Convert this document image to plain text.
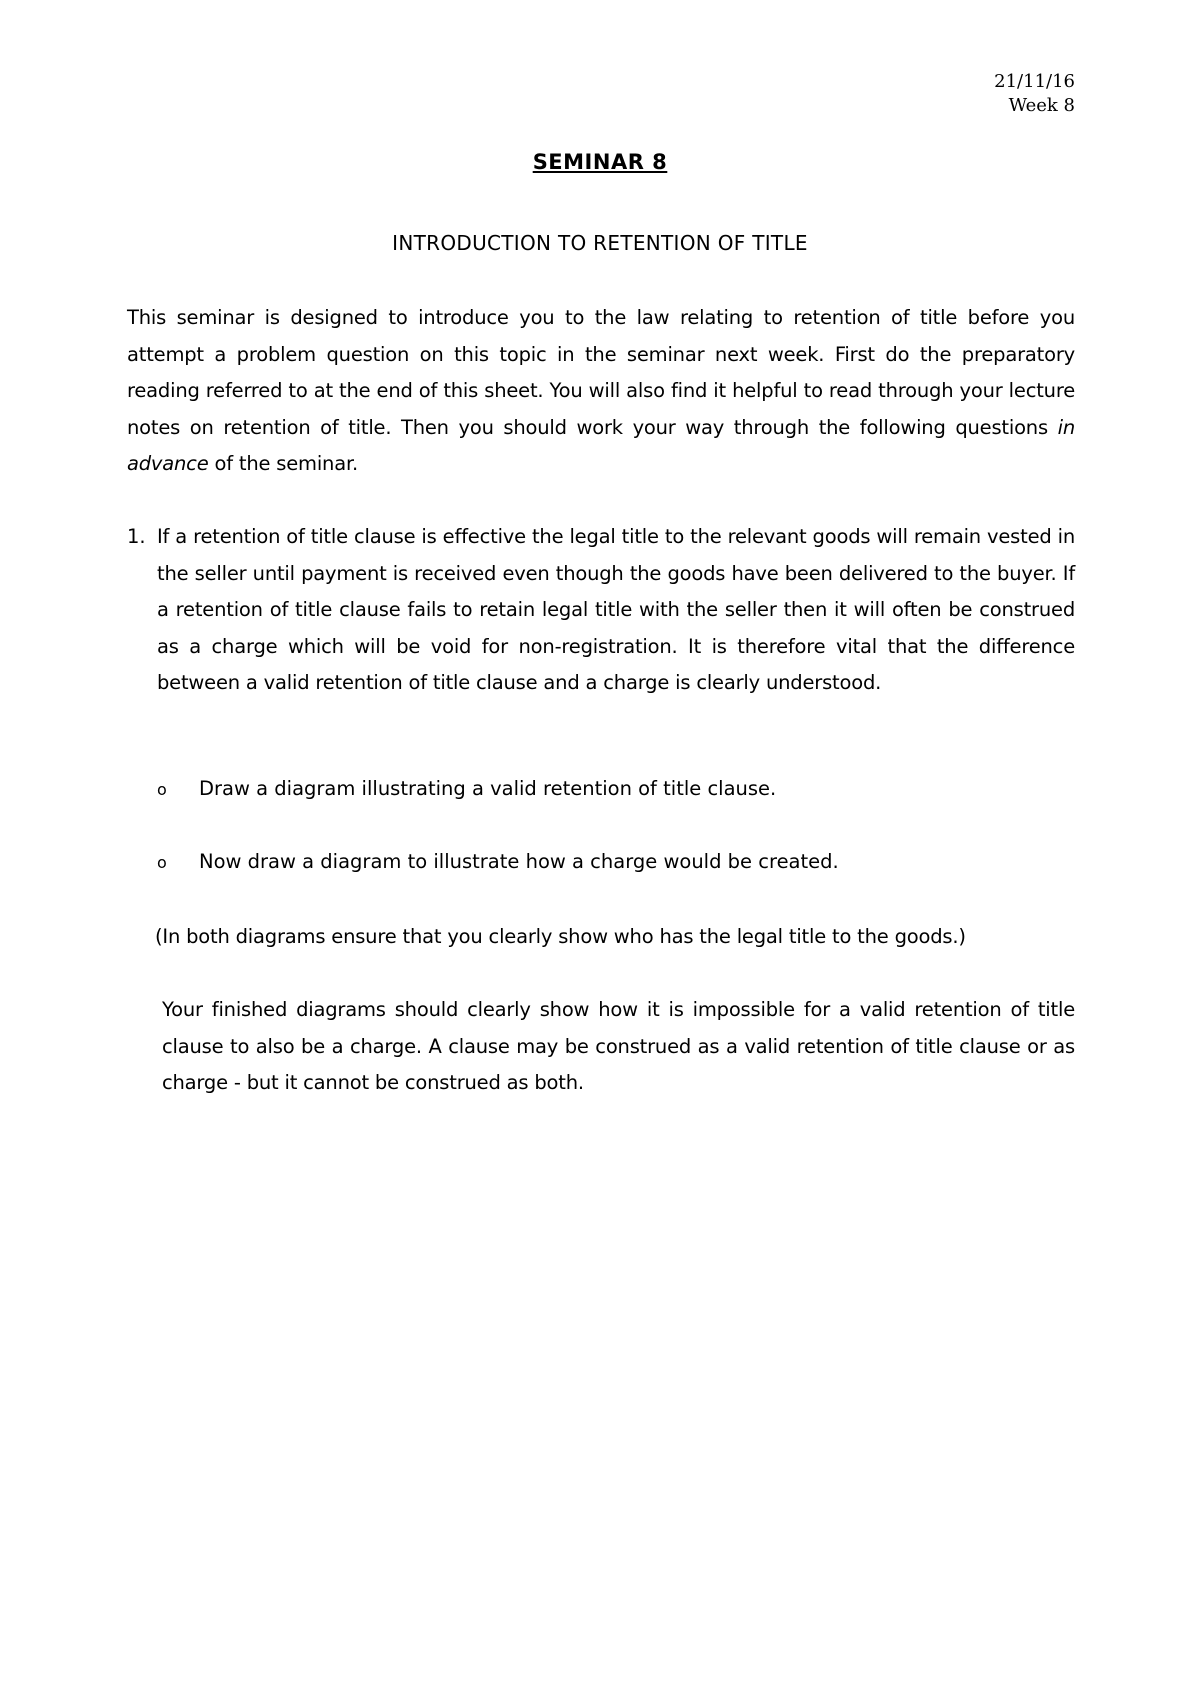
21/11/16
Week 8
SEMINAR 8
INTRODUCTION TO RETENTION OF TITLE
This seminar is designed to introduce you to the law relating to retention of title before you attempt a problem question on this topic in the seminar next week. First do the preparatory reading referred to at the end of this sheet. You will also find it helpful to read through your lecture notes on retention of title. Then you should work your way through the following questions in advance of the seminar.
1. If a retention of title clause is effective the legal title to the relevant goods will remain vested in the seller until payment is received even though the goods have been delivered to the buyer. If a retention of title clause fails to retain legal title with the seller then it will often be construed as a charge which will be void for non-registration. It is therefore vital that the difference between a valid retention of title clause and a charge is clearly understood.
o Draw a diagram illustrating a valid retention of title clause.
o Now draw a diagram to illustrate how a charge would be created.
(In both diagrams ensure that you clearly show who has the legal title to the goods.)
Your finished diagrams should clearly show how it is impossible for a valid retention of title clause to also be a charge. A clause may be construed as a valid retention of title clause or as charge - but it cannot be construed as both.
